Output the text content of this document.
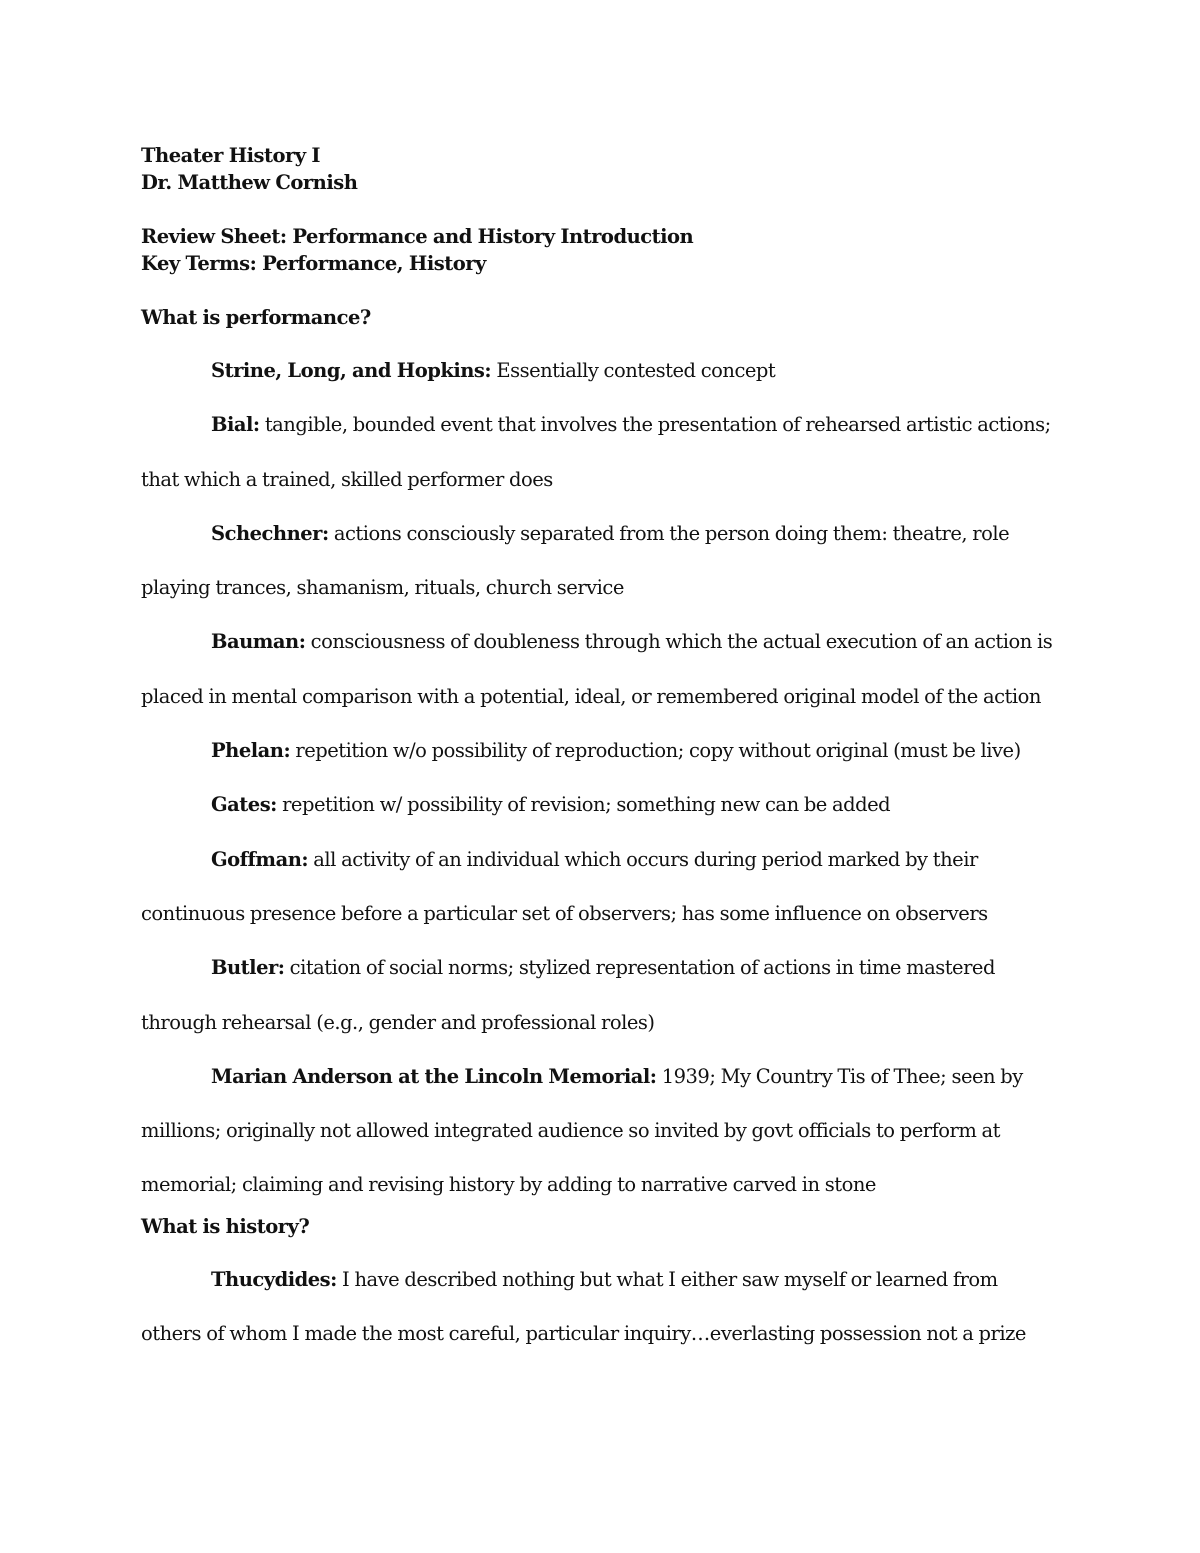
Theater History I

Dr. Matthew Cornish

Review Sheet: Performance and History Introduction

Key Terms: Performance, History

What is performance?

Strine, Long, and Hopkins: Essentially contested concept

Bial: tangible, bounded event that involves the presentation of rehearsed artistic actions; that which a trained, skilled performer does

Schechner: actions consciously separated from the person doing them: theatre, role playing trances, shamanism, rituals, church service

Bauman: consciousness of doubleness through which the actual execution of an action is placed in mental comparison with a potential, ideal, or remembered original model of the action

Phelan: repetition w/o possibility of reproduction; copy without original (must be live)

Gates: repetition w/ possibility of revision; something new can be added

Goffman: all activity of an individual which occurs during period marked by their continuous presence before a particular set of observers; has some influence on observers

Butler: citation of social norms; stylized representation of actions in time mastered through rehearsal (e.g., gender and professional roles)

Marian Anderson at the Lincoln Memorial: 1939; My Country Tis of Thee; seen by millions; originally not allowed integrated audience so invited by govt officials to perform at memorial; claiming and revising history by adding to narrative carved in stone

What is history?

Thucydides: I have described nothing but what I either saw myself or learned from others of whom I made the most careful, particular inquiry…everlasting possession not a prize
